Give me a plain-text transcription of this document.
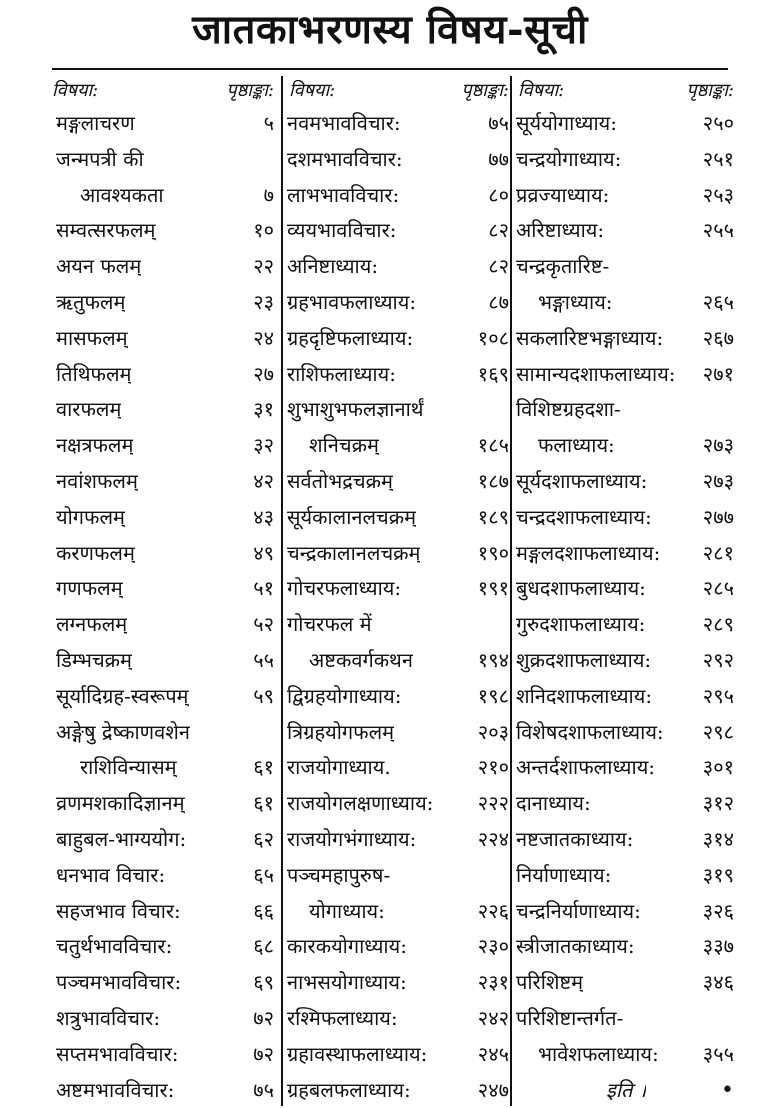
जातकाभरणस्य विषय-सूची
विषया:	पृष्ठाङ्का:
मङ्गलाचरण	५
जन्मपत्री की
आवश्यकता	७
सम्वत्सरफलम्	१०
अयन फलम्	२२
ऋतुफलम्	२३
मासफलम्	२४
तिथिफलम्	२७
वारफलम्	३१
नक्षत्रफलम्	३२
नवांशफलम्	४२
योगफलम्	४३
करणफलम्	४९
गणफलम्	५१
लग्नफलम्	५२
डिम्भचक्रम्	५५
सूर्यादिग्रह-स्वरूपम्	५९
अङ्गेषु द्रेष्काणवशेन
राशिविन्यासम्	६१
व्रणमशकादिज्ञानम्	६१
बाहुबल-भाग्ययोग:	६२
धनभाव विचार:	६५
सहजभाव विचार:	६६
चतुर्थभावविचार:	६८
पञ्चमभावविचार:	६९
शत्रुभावविचार:	७२
सप्तमभावविचार:	७२
अष्टमभावविचार:	७५
विषया:	पृष्ठाङ्का:
नवमभावविचार:	७५
दशमभावविचार:	७७
लाभभावविचार:	८०
व्ययभावविचार:	८२
अनिष्टाध्याय:	८२
ग्रहभावफलाध्याय:	८७
ग्रहदृष्टिफलाध्याय:	१०८
राशिफलाध्याय:	१६९
शुभाशुभफलज्ञानार्थं
शनिचक्रम्	१८५
सर्वतोभद्रचक्रम्	१८७
सूर्यकालानलचक्रम्	१८९
चन्द्रकालानलचक्रम्	१९०
गोचरफलाध्याय:	१९१
गोचरफल में
अष्टकवर्गकथन	१९४
द्विग्रहयोगाध्याय:	१९८
त्रिग्रहयोगफलम्	२०३
राजयोगाध्याय.	२१०
राजयोगलक्षणाध्याय: २२२
राजयोगभंगाध्याय:	२२४
पञ्चमहापुरुष-
योगाध्याय:	२२६
कारकयोगाध्याय:	२३०
नाभसयोगाध्याय:	२३१
रश्मिफलाध्याय:	२४२
ग्रहावस्थाफलाध्याय:	२४५
ग्रहबलफलाध्याय:	२४७
विषया:	पृष्ठाङ्का:
सूर्ययोगाध्याय:	२५०
चन्द्रयोगाध्याय:	२५१
प्रव्रज्याध्याय:	२५३
अरिष्टाध्याय:	२५५
चन्द्रकृतारिष्ट-
भङ्गाध्याय:	२६५
सकलारिष्टभङ्गाध्याय: २६७
सामान्यदशाफलाध्याय: २७१
विशिष्टग्रहदशा-
फलाध्याय:	२७३
सूर्यदशाफलाध्याय:	२७३
चन्द्रदशाफलाध्याय:	२७७
मङ्गलदशाफलाध्याय: २८१
बुधदशाफलाध्याय:	२८५
गुरुदशाफलाध्याय:	२८९
शुक्रदशाफलाध्याय:	२९२
शनिदशाफलाध्याय:	२९५
विशेषदशाफलाध्याय: २९८
अन्तर्दशाफलाध्याय: ३०१
दानाध्याय:	३१२
नष्टजातकाध्याय:	३१४
निर्याणाध्याय:	३१९
चन्द्रनिर्याणाध्याय:	३२६
स्त्रीजातकाध्याय:	३३७
परिशिष्टम्	३४६
परिशिष्टान्तर्गत-
भावेशफलाध्याय: ३५५
इति ।	•
